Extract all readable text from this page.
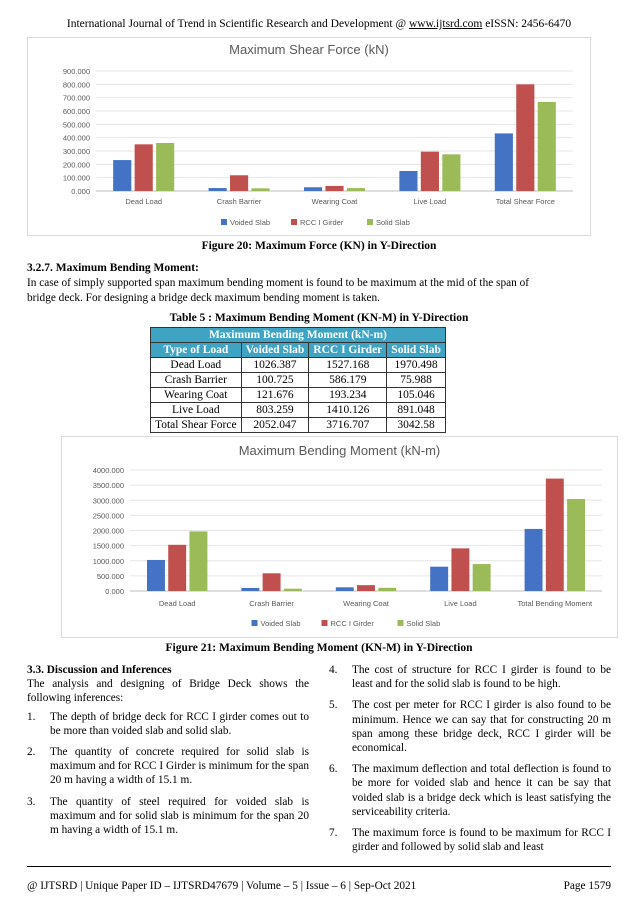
International Journal of Trend in Scientific Research and Development @ www.ijtsrd.com eISSN: 2456-6470
Maximum Shear Force (kN)
0.000
100.000
200.000
300.000
400.000
500.000
600.000
700.000
800.000
900.000
Dead Load	Crash Barrier	Wearing Coat	Live Load	Total Shear Force
Voided Slab	RCC I Girder	Solid Slab
Figure 20: Maximum Force (KN) in Y-Direction
3.2.7. Maximum Bending Moment:
In case of simply supported span maximum bending moment is found to be maximum at the mid of the span of
bridge deck. For designing a bridge deck maximum bending moment is taken.
Table 5 : Maximum Bending Moment (KN-M) in Y-Direction
Maximum Bending Moment (kN-m)			
Type of Load	Voided Slab	RCC I Girder	Solid Slab
Dead Load	1026.387	1527.168	1970.498
Crash Barrier	100.725	586.179	75.988
Wearing Coat	121.676	193.234	105.046
Live Load	803.259	1410.126	891.048
Total Shear Force	2052.047	3716.707	3042.58
Maximum Bending Moment (kN-m)
0.000
500.000
1000.000
1500.000
2000.000
2500.000
3000.000
3500.000
4000.000
Dead Load	Crash Barrier	Wearing Coat	Live Load	Total Bending Moment
Voided Slab	RCC I Girder	Solid Slab
Figure 21: Maximum Bending Moment (KN-M) in Y-Direction

3.3. Discussion and Inferences

The analysis and designing of Bridge Deck shows the following inferences:

1. The depth of bridge deck for RCC I girder comes out to be more than voided slab and solid slab.

2. The quantity of concrete required for solid slab is maximum and for RCC I Girder is minimum for the span 20 m having a width of 15.1 m.

3. The quantity of steel required for voided slab is maximum and for solid slab is minimum for the span 20 m having a width of 15.1 m.

4. The cost of structure for RCC I girder is found to be least and for the solid slab is found to be high.

5. The cost per meter for RCC I girder is also found to be minimum. Hence we can say that for constructing 20 m span among these bridge deck, RCC I girder will be economical.

6. The maximum deflection and total deflection is found to be more for voided slab and hence it can be say that voided slab is a bridge deck which is least satisfying the serviceability criteria.

7. The maximum force is found to be maximum for RCC I girder and followed by solid slab and least

@ IJTSRD | Unique Paper ID – IJTSRD47679 | Volume – 5 | Issue – 6 | Sep-Oct 2021	Page 1579
